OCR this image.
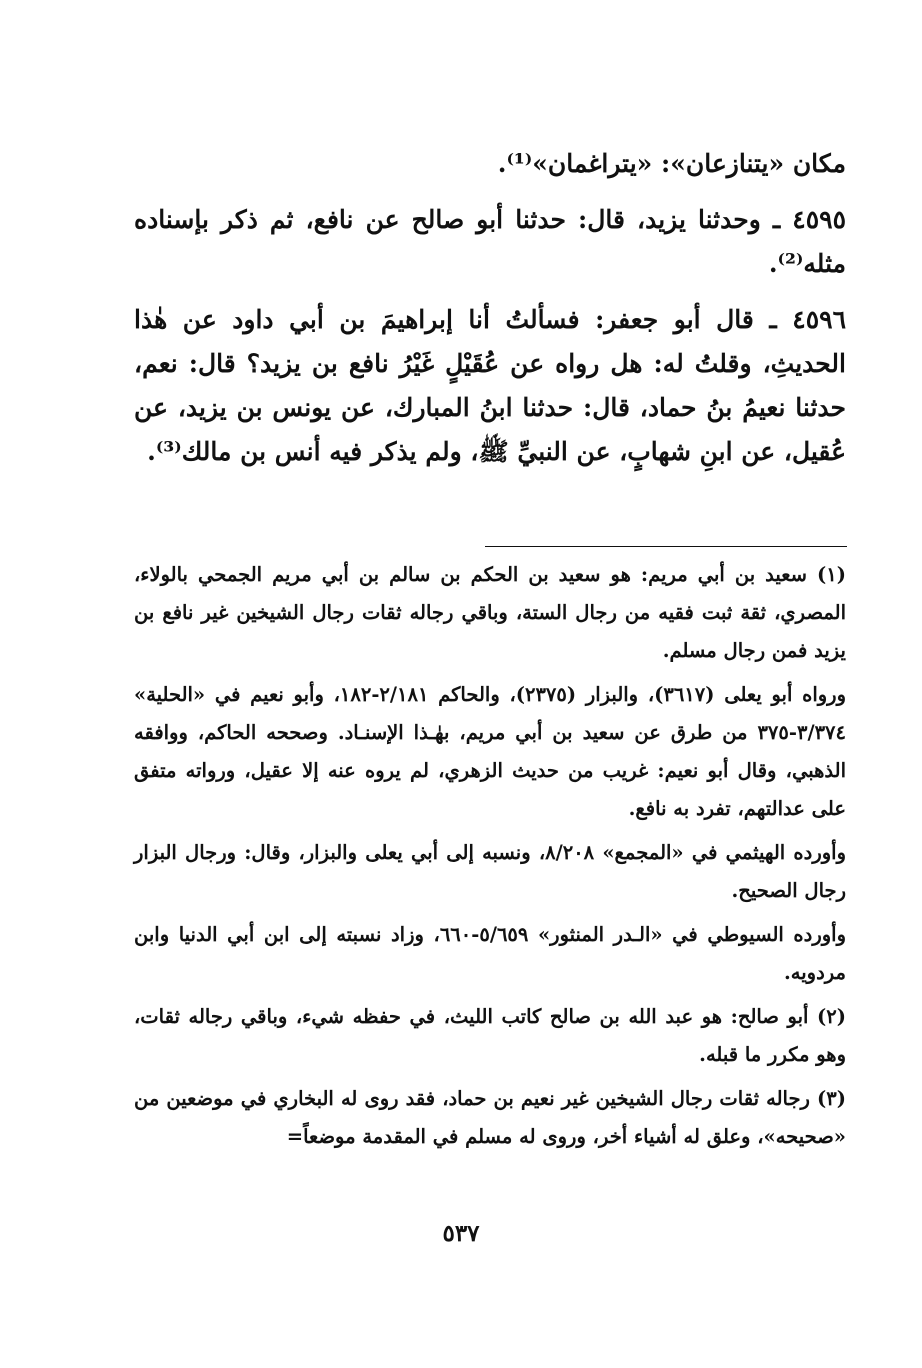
مكان «يتنازعان»: «يتراغمان»⁽¹⁾.

٤٥٩٥ ـ وحدثنا يزيد، قال: حدثنا أبو صالح عن نافع، ثم ذكر بإسناده مثله⁽²⁾.

٤٥٩٦ ـ قال أبو جعفر: فسألتُ أنا إبراهيمَ بن أبي داود عن هٰذا الحديثِ، وقلتُ له: هل رواه عن عُقَيْلٍ غَيْرُ نافع بن يزيد؟ قال: نعم، حدثنا نعيمُ بنُ حماد، قال: حدثنا ابنُ المبارك، عن يونس بن يزيد، عن عُقيل، عن ابنِ شهابٍ، عن النبيِّ ﷺ، ولم يذكر فيه أنس بن مالك⁽³⁾.

(١) سعيد بن أبي مريم: هو سعيد بن الحكم بن سالم بن أبي مريم الجمحي بالولاء، المصري، ثقة ثبت فقيه من رجال الستة، وباقي رجاله ثقات رجال الشيخين غير نافع بن يزيد فمن رجال مسلم.

ورواه أبو يعلى (٣٦١٧)، والبزار (٢٣٧٥)، والحاكم ٢/١٨١-١٨٢، وأبو نعيم في «الحلية» ٣/٣٧٤-٣٧٥ من طرق عن سعيد بن أبي مريم، بهٰـذا الإسنـاد. وصححه الحاكم، ووافقه الذهبي، وقال أبو نعيم: غريب من حديث الزهري، لم يروه عنه إلا عقيل، ورواته متفق على عدالتهم، تفرد به نافع.

وأورده الهيثمي في «المجمع» ٨/٢٠٨، ونسبه إلى أبي يعلى والبزار، وقال: ورجال البزار رجال الصحيح.

وأورده السيوطي في «الـدر المنثور» ٥/٦٥٩-٦٦٠، وزاد نسبته إلى ابن أبي الدنيا وابن مردويه.

(٢) أبو صالح: هو عبد الله بن صالح كاتب الليث، في حفظه شيء، وباقي رجاله ثقات، وهو مكرر ما قبله.

(٣) رجاله ثقات رجال الشيخين غير نعيم بن حماد، فقد روى له البخاري في موضعين من «صحيحه»، وعلق له أشياء أخر، وروى له مسلم في المقدمة موضعاً=

٥٣٧
